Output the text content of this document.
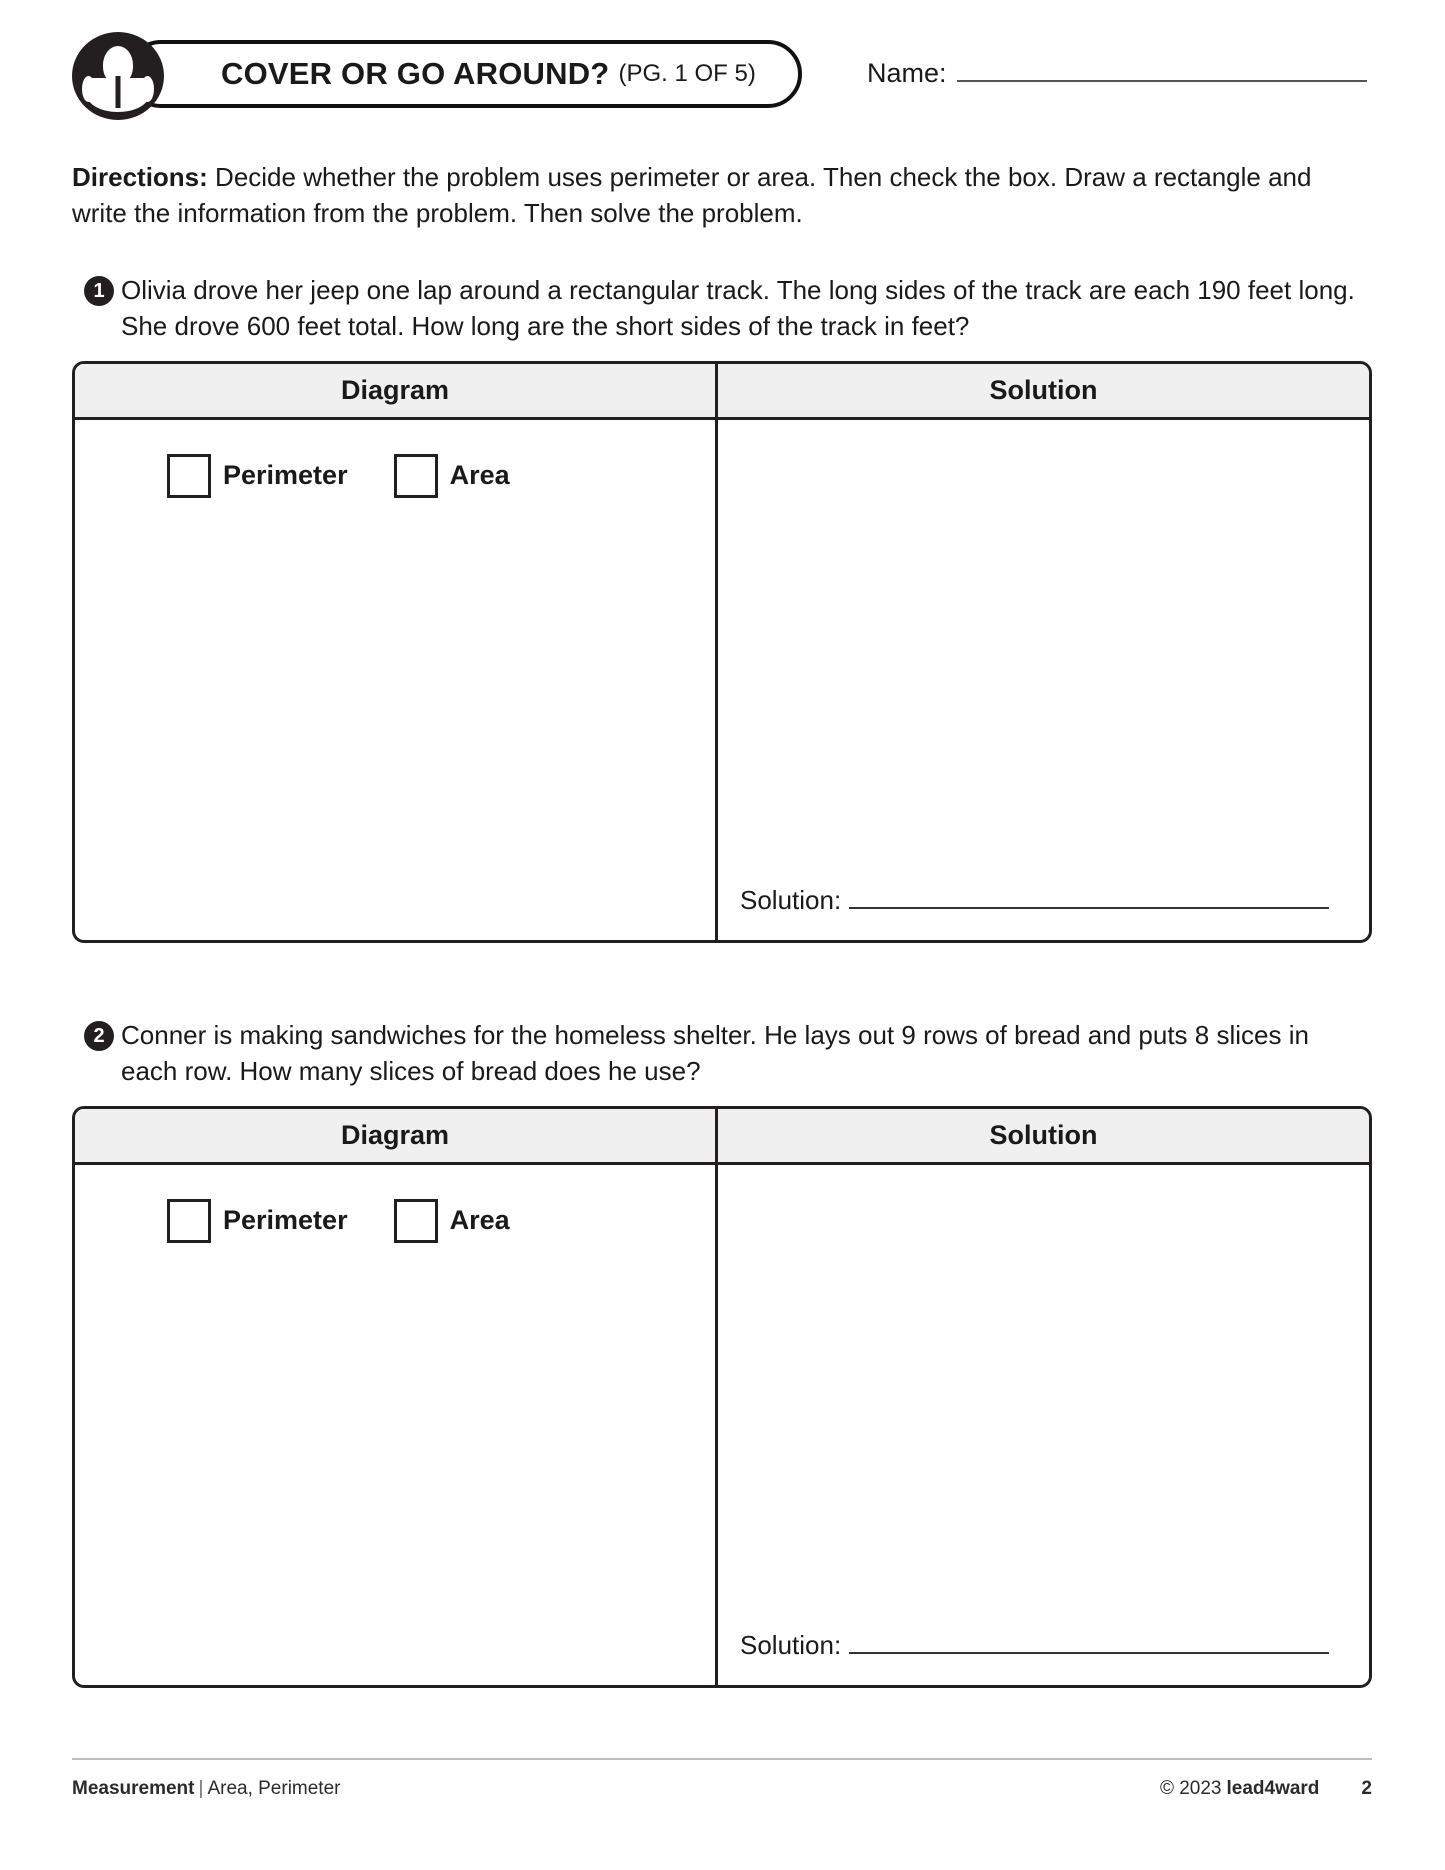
COVER OR GO AROUND? (PG. 1 OF 5)	Name:
Directions: Decide whether the problem uses perimeter or area. Then check the box. Draw a rectangle and write the information from the problem. Then solve the problem.
1 Olivia drove her jeep one lap around a rectangular track. The long sides of the track are each 190 feet long. She drove 600 feet total. How long are the short sides of the track in feet?
Diagram	Solution
Perimeter	Area
Solution:
2 Conner is making sandwiches for the homeless shelter. He lays out 9 rows of bread and puts 8 slices in each row. How many slices of bread does he use?
Diagram	Solution
Perimeter	Area
Solution:
Measurement | Area, Perimeter	© 2023 lead4ward 2
